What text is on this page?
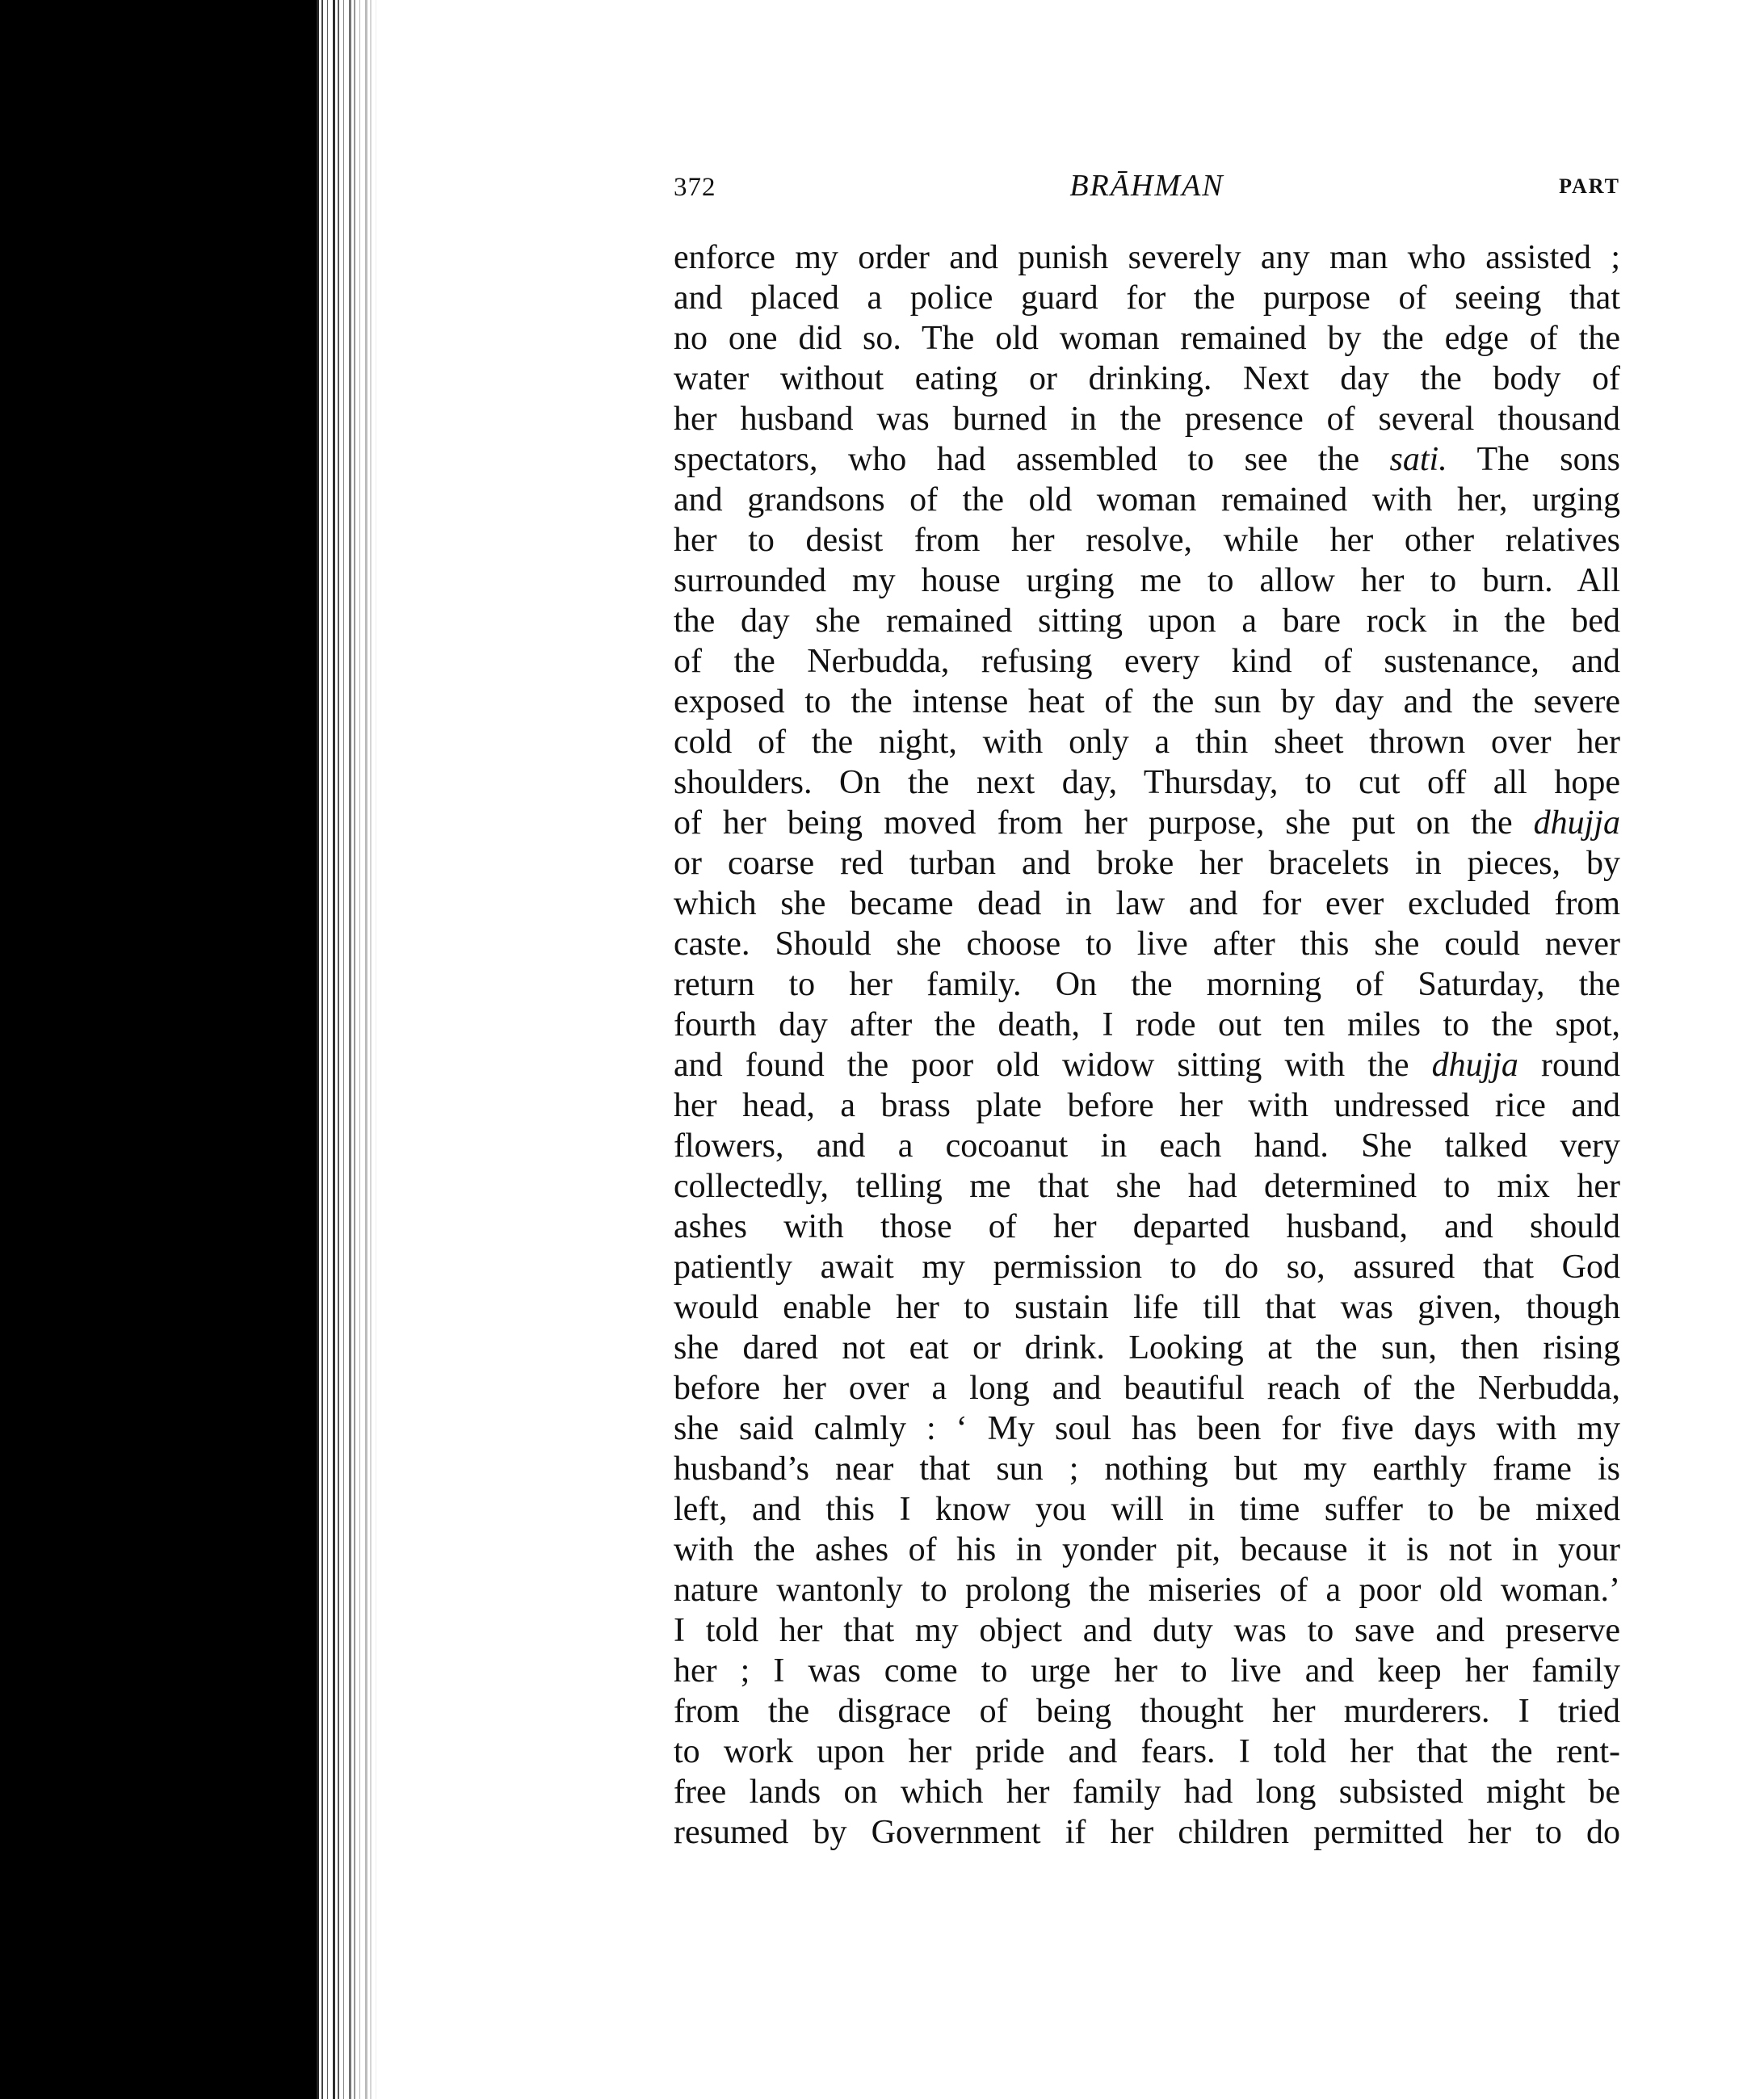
372	BRĀHMAN	PART
enforce my order and punish severely any man who assisted ;
and placed a police guard for the purpose of seeing that
no one did so. The old woman remained by the edge of the
water without eating or drinking. Next day the body of
her husband was burned in the presence of several thousand
spectators, who had assembled to see the sati. The sons
and grandsons of the old woman remained with her, urging
her to desist from her resolve, while her other relatives
surrounded my house urging me to allow her to burn. All
the day she remained sitting upon a bare rock in the bed
of the Nerbudda, refusing every kind of sustenance, and
exposed to the intense heat of the sun by day and the severe
cold of the night, with only a thin sheet thrown over her
shoulders. On the next day, Thursday, to cut off all hope
of her being moved from her purpose, she put on the dhujja
or coarse red turban and broke her bracelets in pieces, by
which she became dead in law and for ever excluded from
caste. Should she choose to live after this she could never
return to her family. On the morning of Saturday, the
fourth day after the death, I rode out ten miles to the spot,
and found the poor old widow sitting with the dhujja round
her head, a brass plate before her with undressed rice and
flowers, and a cocoanut in each hand. She talked very
collectedly, telling me that she had determined to mix her
ashes with those of her departed husband, and should
patiently await my permission to do so, assured that God
would enable her to sustain life till that was given, though
she dared not eat or drink. Looking at the sun, then rising
before her over a long and beautiful reach of the Nerbudda,
she said calmly : ‘ My soul has been for five days with my
husband’s near that sun ; nothing but my earthly frame is
left, and this I know you will in time suffer to be mixed
with the ashes of his in yonder pit, because it is not in your
nature wantonly to prolong the miseries of a poor old woman.’
I told her that my object and duty was to save and preserve
her ; I was come to urge her to live and keep her family
from the disgrace of being thought her murderers. I tried
to work upon her pride and fears. I told her that the rent-
free lands on which her family had long subsisted might be
resumed by Government if her children permitted her to do
